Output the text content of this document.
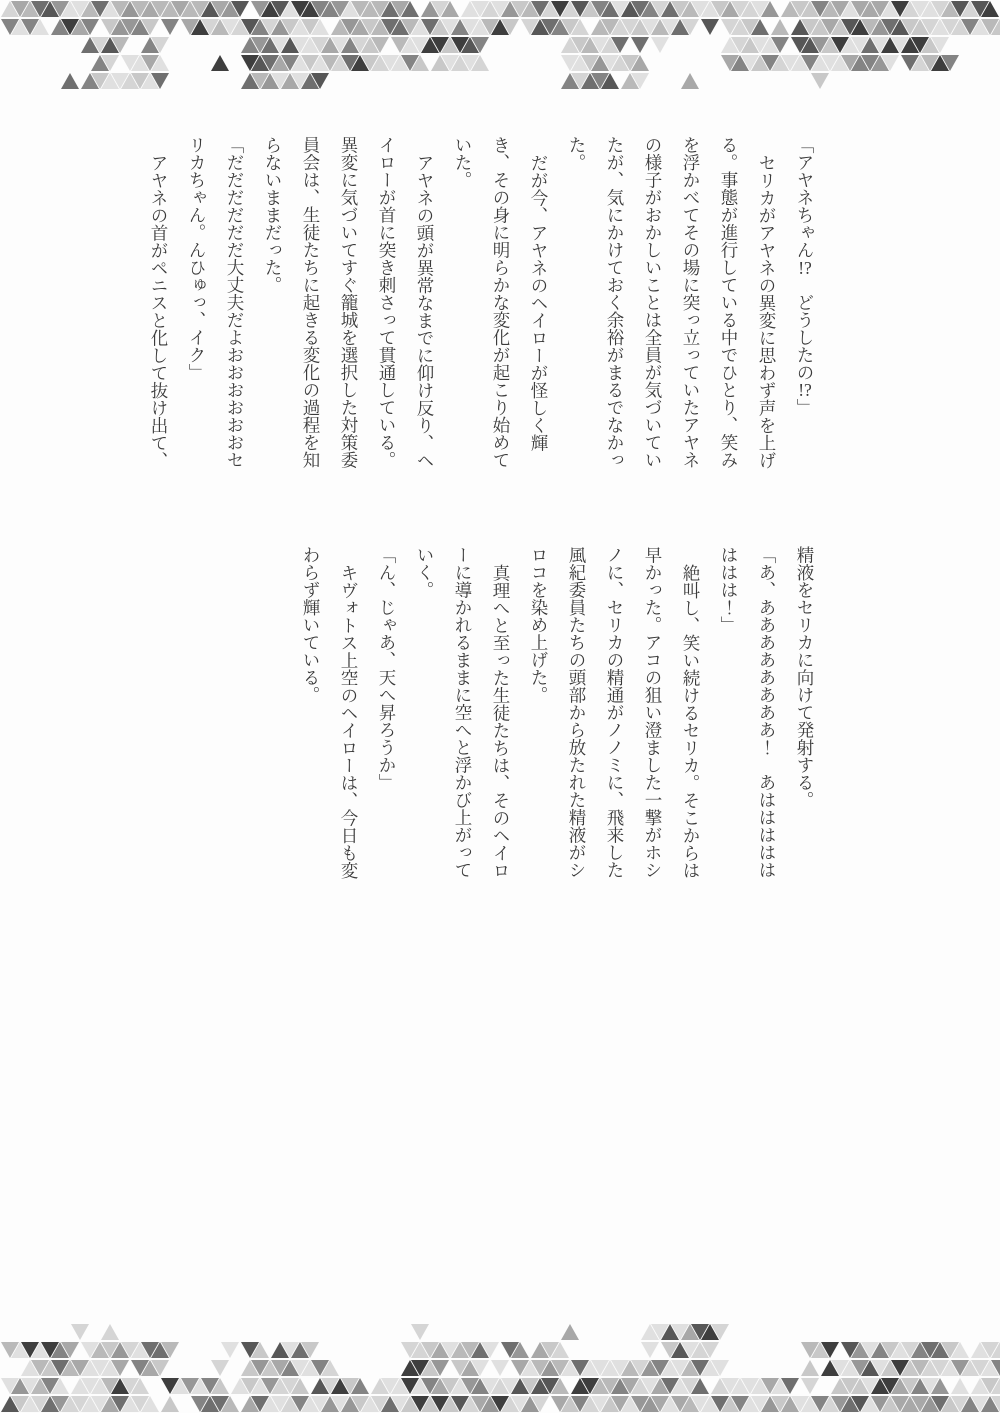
「アヤネちゃん!?　どうしたの!?」

セリカがアヤネの異変に思わず声を上げる。事態が進行している中でひとり、笑みを浮かべてその場に突っ立っていたアヤネの様子がおかしいことは全員が気づいていたが、気にかけておく余裕がまるでなかった。

だが今、アヤネのヘイローが怪しく輝き、その身に明らかな変化が起こり始めていた。

アヤネの頭が異常なまでに仰け反り、ヘイローが首に突き刺さって貫通している。異変に気づいてすぐ籠城を選択した対策委員会は、生徒たちに起きる変化の過程を知らないままだった。

「だだだだだだ大丈夫だよおおおおおおセリカちゃん。んひゅっ、イク」

アヤネの首がペニスと化して抜け出て、

精液をセリカに向けて発射する。

「あ、ああああああああ！　あはははははははは！」

絶叫し、笑い続けるセリカ。そこからは早かった。アコの狙い澄ました一撃がホシノに、セリカの精通がノノミに、飛来した風紀委員たちの頭部から放たれた精液がシロコを染め上げた。

真理へと至った生徒たちは、そのヘイローに導かれるままに空へと浮かび上がっていく。

「ん、じゃあ、天へ昇ろうか」

キヴォトス上空のヘイローは、今日も変わらず輝いている。
